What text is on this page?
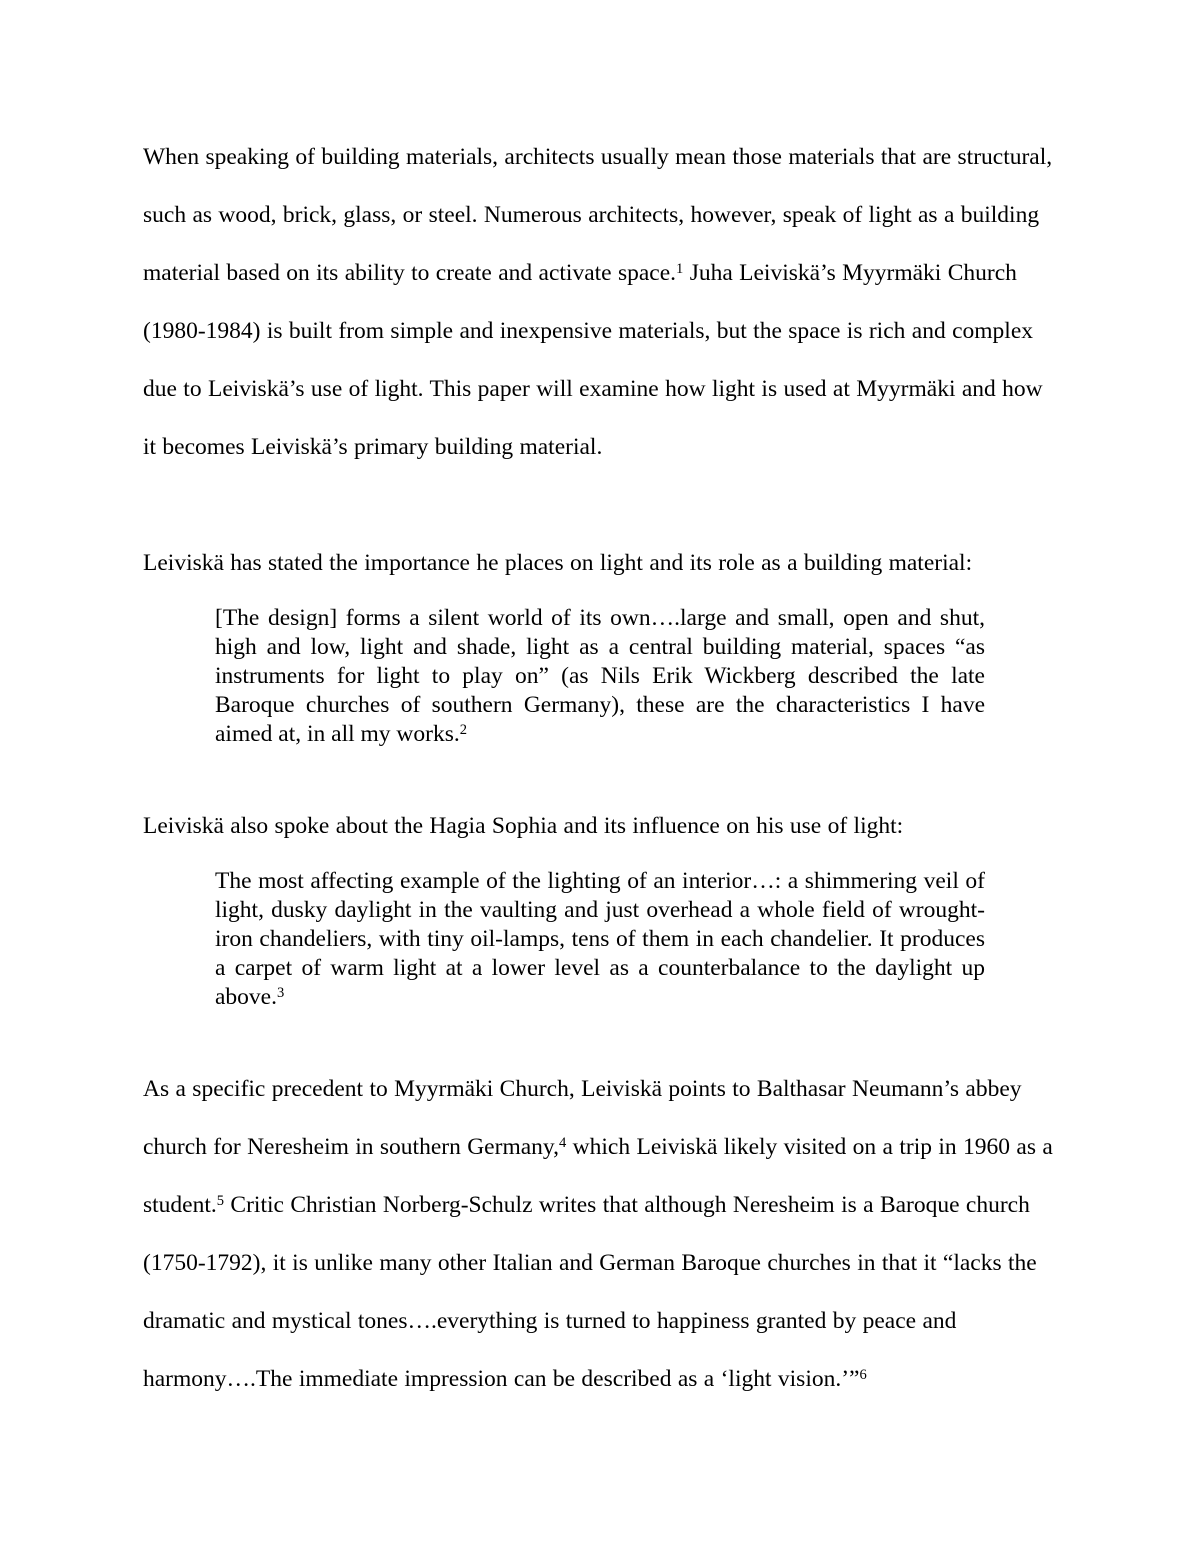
When speaking of building materials, architects usually mean those materials that are structural, such as wood, brick, glass, or steel. Numerous architects, however, speak of light as a building material based on its ability to create and activate space.$^1$ Juha Leiviskä’s Myyrmäki Church (1980-1984) is built from simple and inexpensive materials, but the space is rich and complex due to Leiviskä’s use of light. This paper will examine how light is used at Myyrmäki and how it becomes Leiviskä’s primary building material.

Leiviskä has stated the importance he places on light and its role as a building material:

[The design] forms a silent world of its own….large and small, open and shut, high and low, light and shade, light as a central building material, spaces “as instruments for light to play on” (as Nils Erik Wickberg described the late Baroque churches of southern Germany), these are the characteristics I have aimed at, in all my works.$^2$

Leiviskä also spoke about the Hagia Sophia and its influence on his use of light:

The most affecting example of the lighting of an interior…: a shimmering veil of light, dusky daylight in the vaulting and just overhead a whole field of wrought-iron chandeliers, with tiny oil-lamps, tens of them in each chandelier. It produces a carpet of warm light at a lower level as a counterbalance to the daylight up above.$^3$

As a specific precedent to Myyrmäki Church, Leiviskä points to Balthasar Neumann’s abbey church for Neresheim in southern Germany,$^4$ which Leiviskä likely visited on a trip in 1960 as a student.$^5$ Critic Christian Norberg-Schulz writes that although Neresheim is a Baroque church (1750-1792), it is unlike many other Italian and German Baroque churches in that it “lacks the dramatic and mystical tones….everything is turned to happiness granted by peace and harmony….The immediate impression can be described as a ‘light vision.’”$^6$
